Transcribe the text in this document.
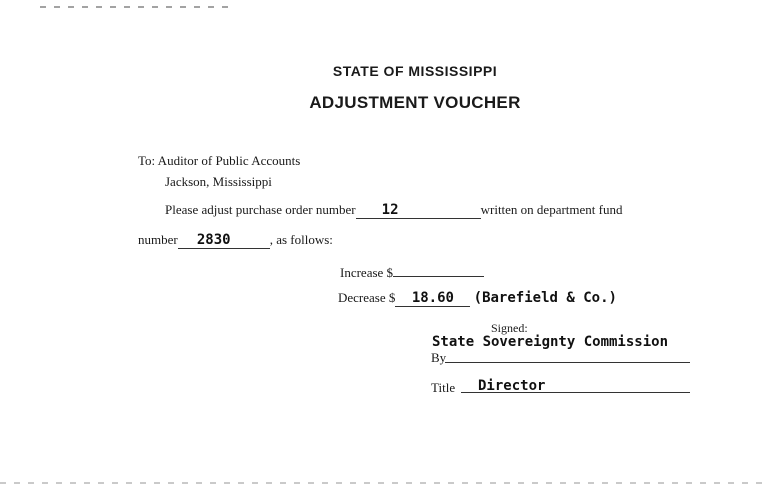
STATE OF MISSISSIPPI
ADJUSTMENT VOUCHER
To: Auditor of Public Accounts
Jackson, Mississippi
Please adjust purchase order number 12	written on department fund
number 2830	, as follows:
Increase $
Decrease $ 18.60 (Barefield & Co.)
Signed:
State Sovereignty Commission
By
Title Director
